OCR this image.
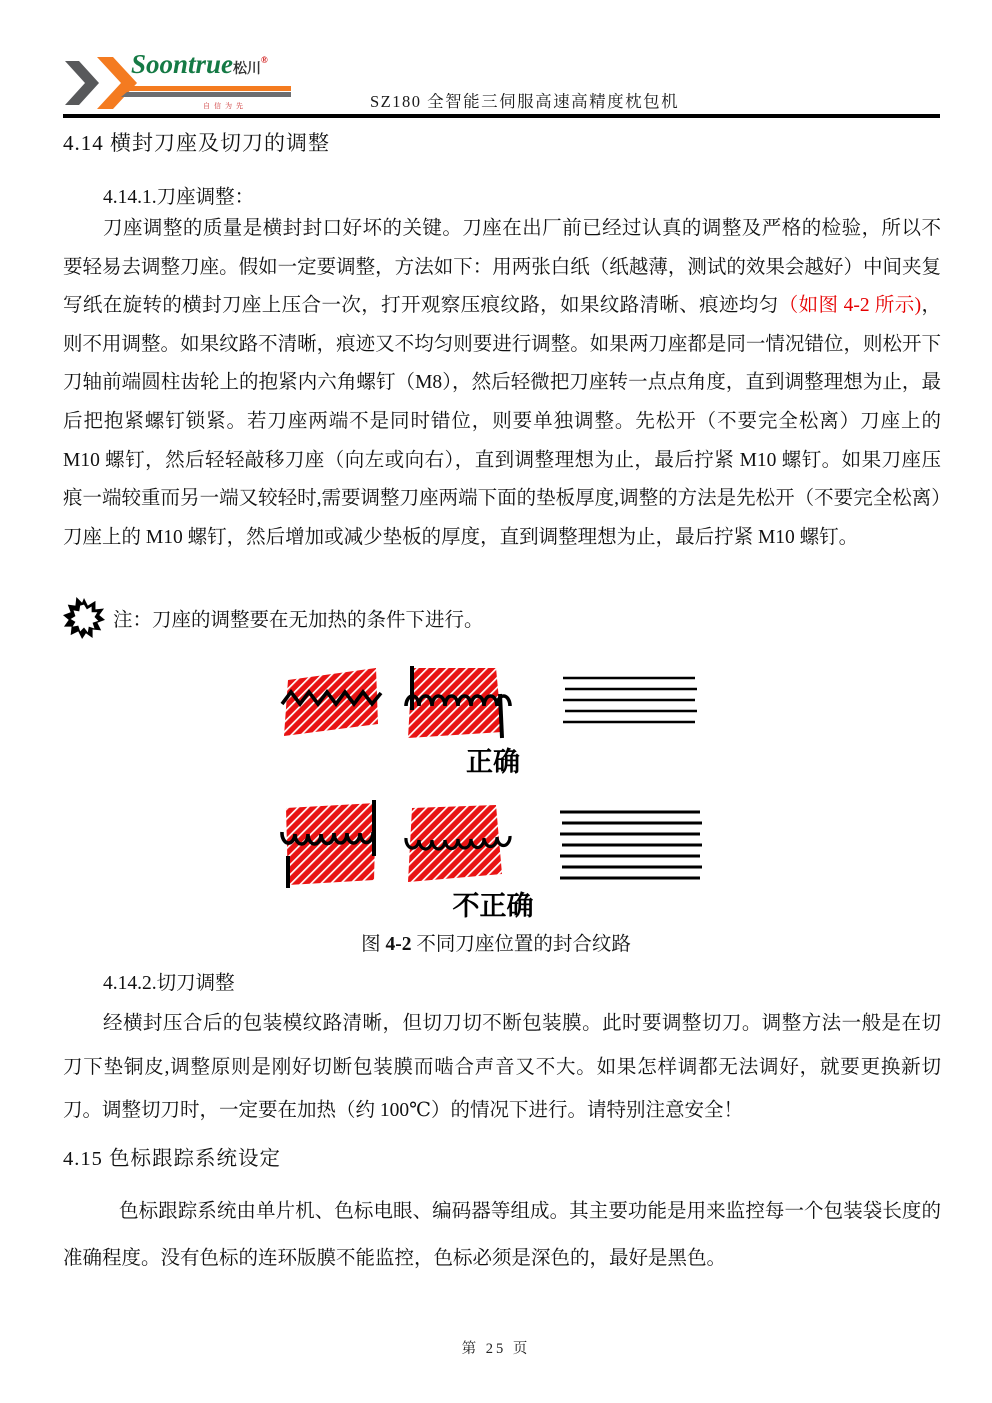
Soontrue松川®
自信为先	SZ180 全智能三伺服高速高精度枕包机
4.14 横封刀座及切刀的调整
4.14.1.刀座调整：
刀座调整的质量是横封封口好坏的关键。刀座在出厂前已经过认真的调整及严格的检验，所以不要轻易去调整刀座。假如一定要调整，方法如下：用两张白纸（纸越薄，测试的效果会越好）中间夹复写纸在旋转的横封刀座上压合一次，打开观察压痕纹路，如果纹路清晰、痕迹均匀（如图 4-2 所示)，则不用调整。如果纹路不清晰，痕迹又不均匀则要进行调整。如果两刀座都是同一情况错位，则松开下刀轴前端圆柱齿轮上的抱紧内六角螺钉（M8），然后轻微把刀座转一点点角度，直到调整理想为止，最后把抱紧螺钉锁紧。若刀座两端不是同时错位，则要单独调整。先松开（不要完全松离）刀座上的 M10 螺钉，然后轻轻敲移刀座（向左或向右），直到调整理想为止，最后拧紧 M10 螺钉。如果刀座压痕一端较重而另一端又较轻时,需要调整刀座两端下面的垫板厚度,调整的方法是先松开（不要完全松离）刀座上的 M10 螺钉，然后增加或减少垫板的厚度，直到调整理想为止，最后拧紧 M10 螺钉。
注：刀座的调整要在无加热的条件下进行。
正确
不正确
图 4-2 不同刀座位置的封合纹路
4.14.2.切刀调整
经横封压合后的包装模纹路清晰，但切刀切不断包装膜。此时要调整切刀。调整方法一般是在切刀下垫铜皮,调整原则是刚好切断包装膜而啮合声音又不大。如果怎样调都无法调好，就要更换新切刀。调整切刀时，一定要在加热（约 100℃）的情况下进行。请特别注意安全！
4.15 色标跟踪系统设定
色标跟踪系统由单片机、色标电眼、编码器等组成。其主要功能是用来监控每一个包装袋长度的准确程度。没有色标的连环版膜不能监控，色标必须是深色的，最好是黑色。
第 25 页
